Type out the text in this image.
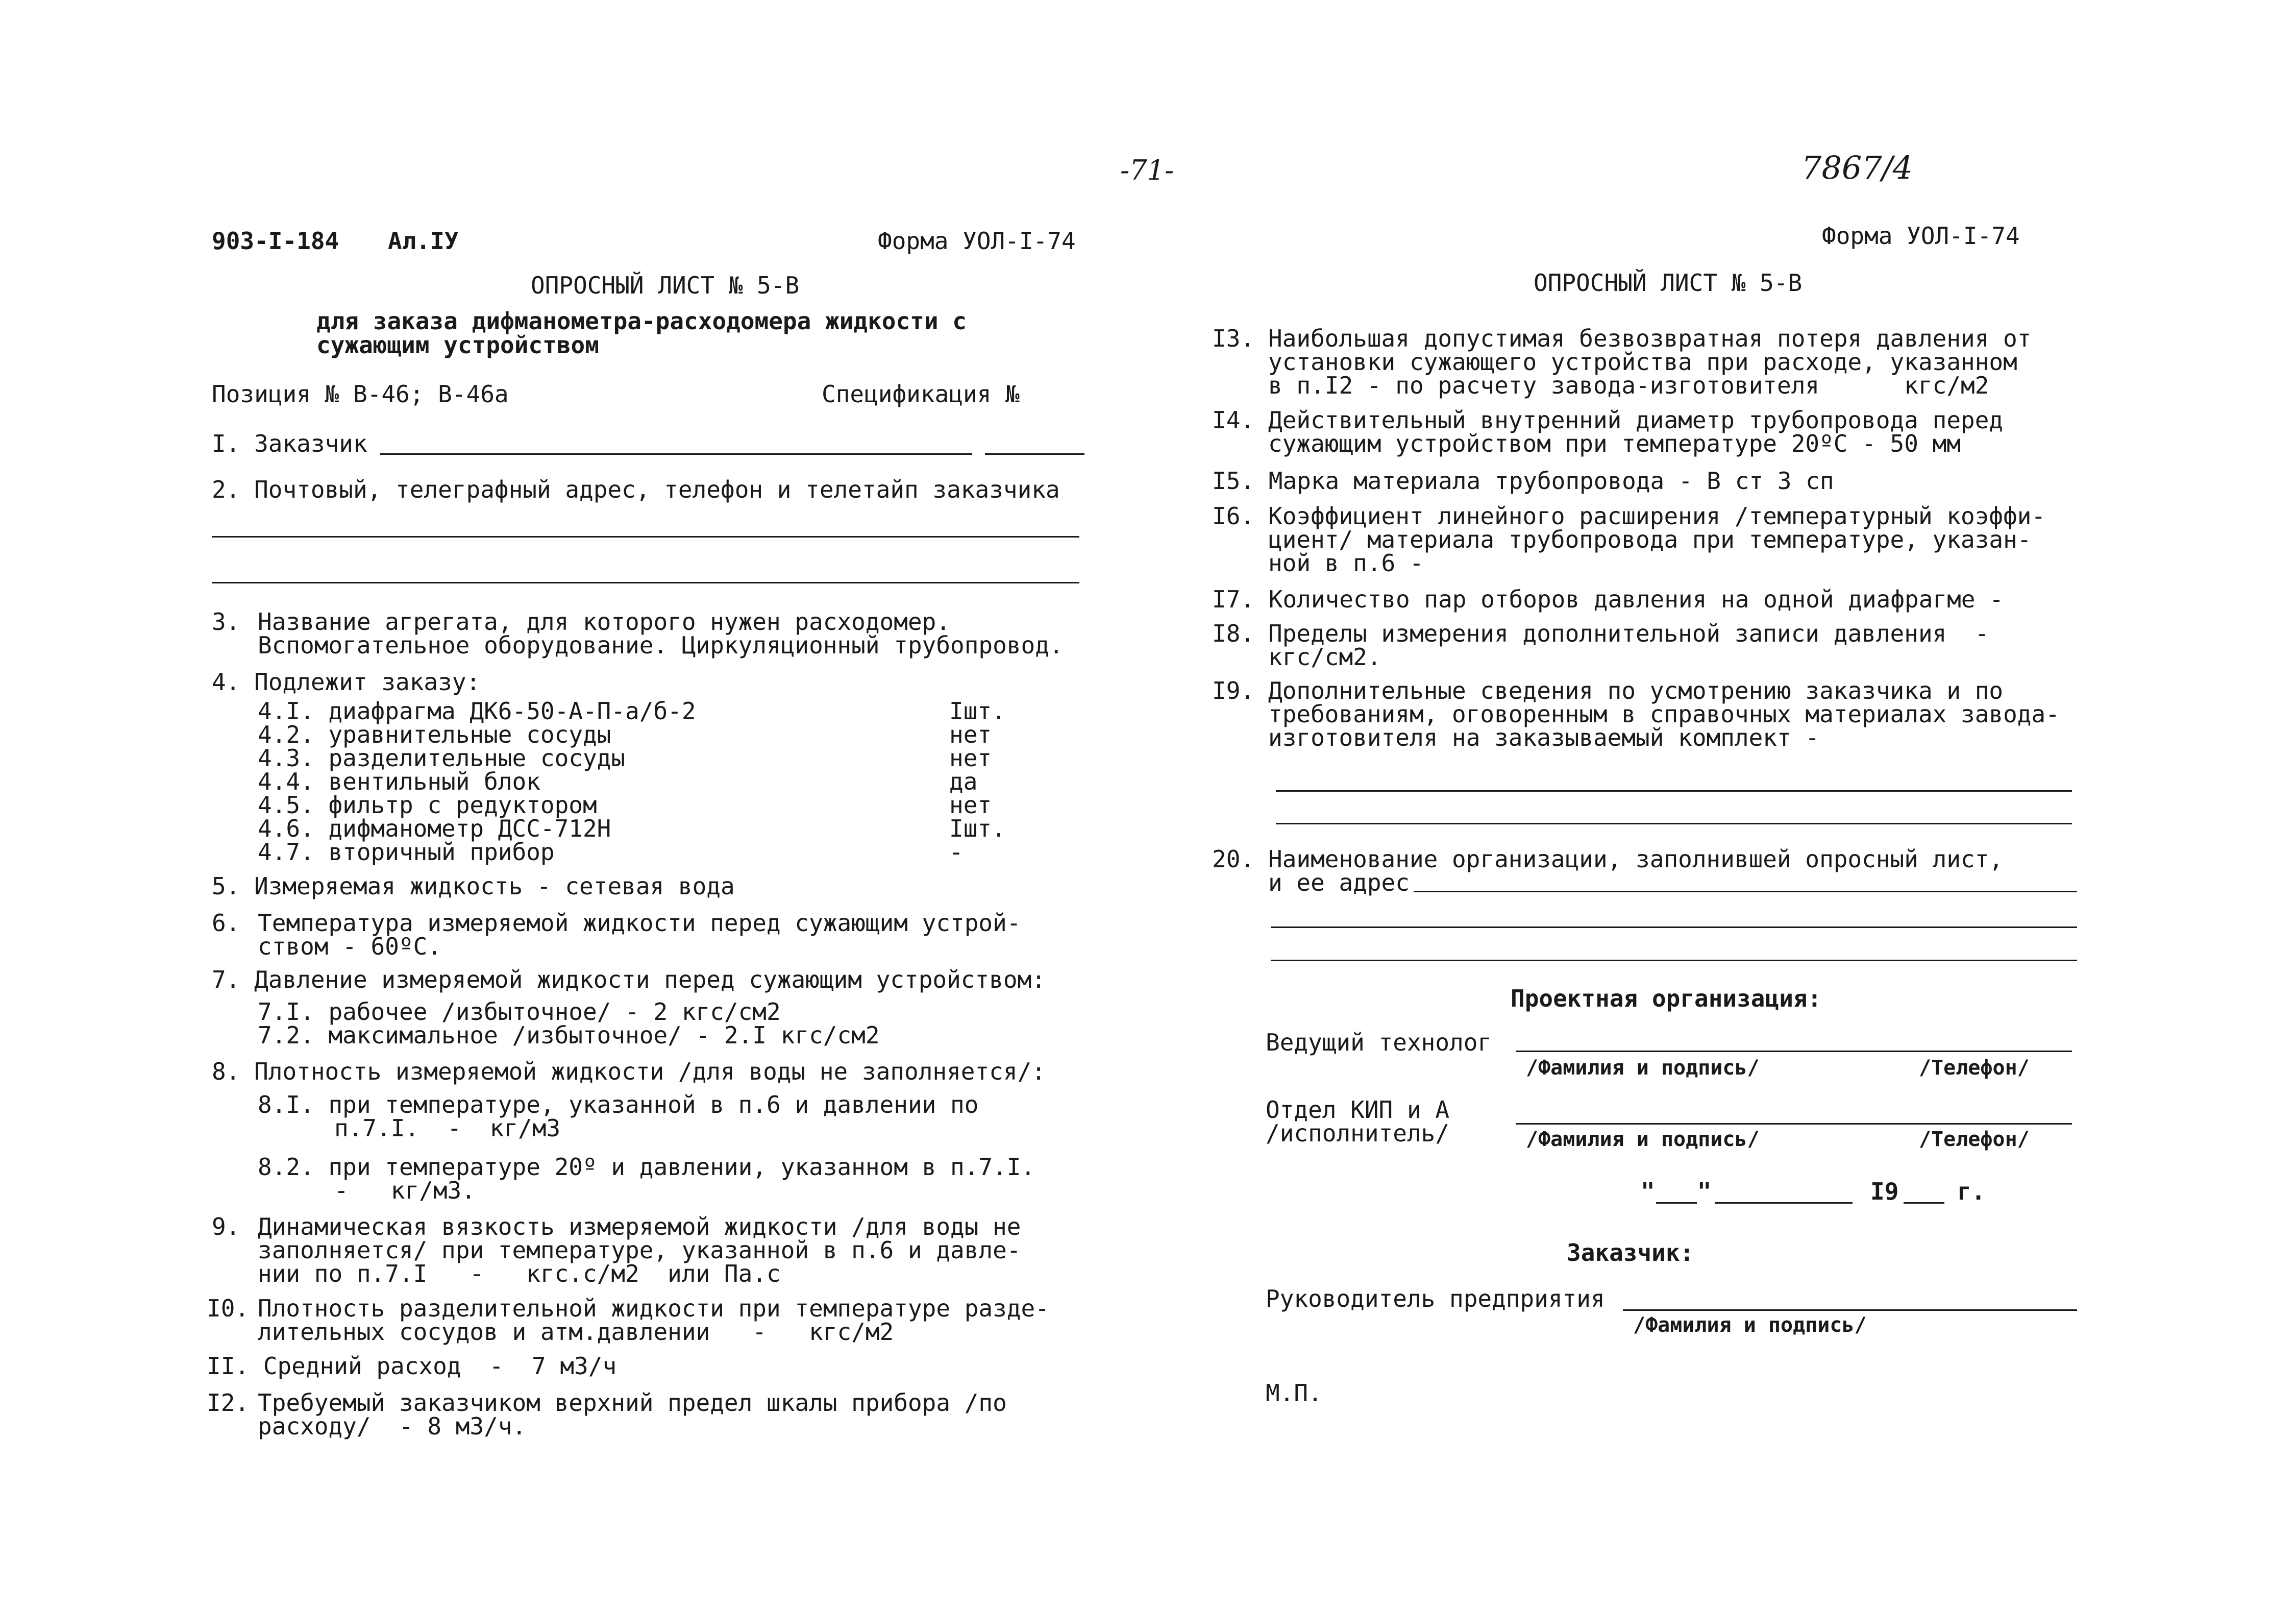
-71-	7867/4
903-I-184 Ал.IУ	Форма УОЛ-I-74
ОПРОСНЫЙ ЛИСТ № 5-В
для заказа дифманометра-расходомера жидкости с
сужающим устройством
Позиция № В-46; В-46а	Спецификация №
I. Заказчик
2. Почтовый, телеграфный адрес, телефон и телетайп заказчика
3. Название агрегата, для которого нужен расходомер.
Вспомогательное оборудование. Циркуляционный трубопровод.
4. Подлежит заказу:
4.I. диафрагма ДК6-50-А-П-а/б-2	Iшт.
4.2. уравнительные сосуды	нет
4.3. разделительные сосуды	нет
4.4. вентильный блок	да
4.5. фильтр с редуктором	нет
4.6. дифманометр ДСС-712Н	Iшт.
4.7. вторичный прибор	-
5. Измеряемая жидкость - сетевая вода
6. Температура измеряемой жидкости перед сужающим устрой-
ством - 60ºС.
7. Давление измеряемой жидкости перед сужающим устройством:
7.I. рабочее /избыточное/ - 2 кгс/см2
7.2. максимальное /избыточное/ - 2.I кгс/см2
8. Плотность измеряемой жидкости /для воды не заполняется/:
8.I. при температуре, указанной в п.6 и давлении по
п.7.I.  -  кг/м3
8.2. при температуре 20º и давлении, указанном в п.7.I.
-   кг/м3.
9. Динамическая вязкость измеряемой жидкости /для воды не
заполняется/ при температуре, указанной в п.6 и давле-
нии по п.7.I   -   кгс.с/м2  или Па.с
I0. Плотность разделительной жидкости при температуре разде-
лительных сосудов и атм.давлении   -   кгс/м2
II. Средний расход  -  7 м3/ч
I2. Требуемый заказчиком верхний предел шкалы прибора /по
расходу/  - 8 м3/ч.
Форма УОЛ-I-74
ОПРОСНЫЙ ЛИСТ № 5-В
I3. Наибольшая допустимая безвозвратная потеря давления от
установки сужающего устройства при расходе, указанном
в п.I2 - по расчету завода-изготовителя      кгс/м2
I4. Действительный внутренний диаметр трубопровода перед
сужающим устройством при температуре 20ºС - 50 мм
I5. Марка материала трубопровода - В ст 3 сп
I6. Коэффициент линейного расширения /температурный коэффи-
циент/ материала трубопровода при температуре, указан-
ной в п.6 -
I7. Количество пар отборов давления на одной диафрагме -
I8. Пределы измерения дополнительной записи давления  -
кгс/см2.
I9. Дополнительные сведения по усмотрению заказчика и по
требованиям, оговоренным в справочных материалах завода-
изготовителя на заказываемый комплект -
20. Наименование организации, заполнившей опросный лист,
и ее адрес
Проектная организация:
Ведущий технолог
/Фамилия и подпись/	/Телефон/
Отдел КИП и А
/исполнитель/	/Фамилия и подпись/	/Телефон/
"   "	I9 г.
Заказчик:
Руководитель предприятия
/Фамилия и подпись/
М.П.
